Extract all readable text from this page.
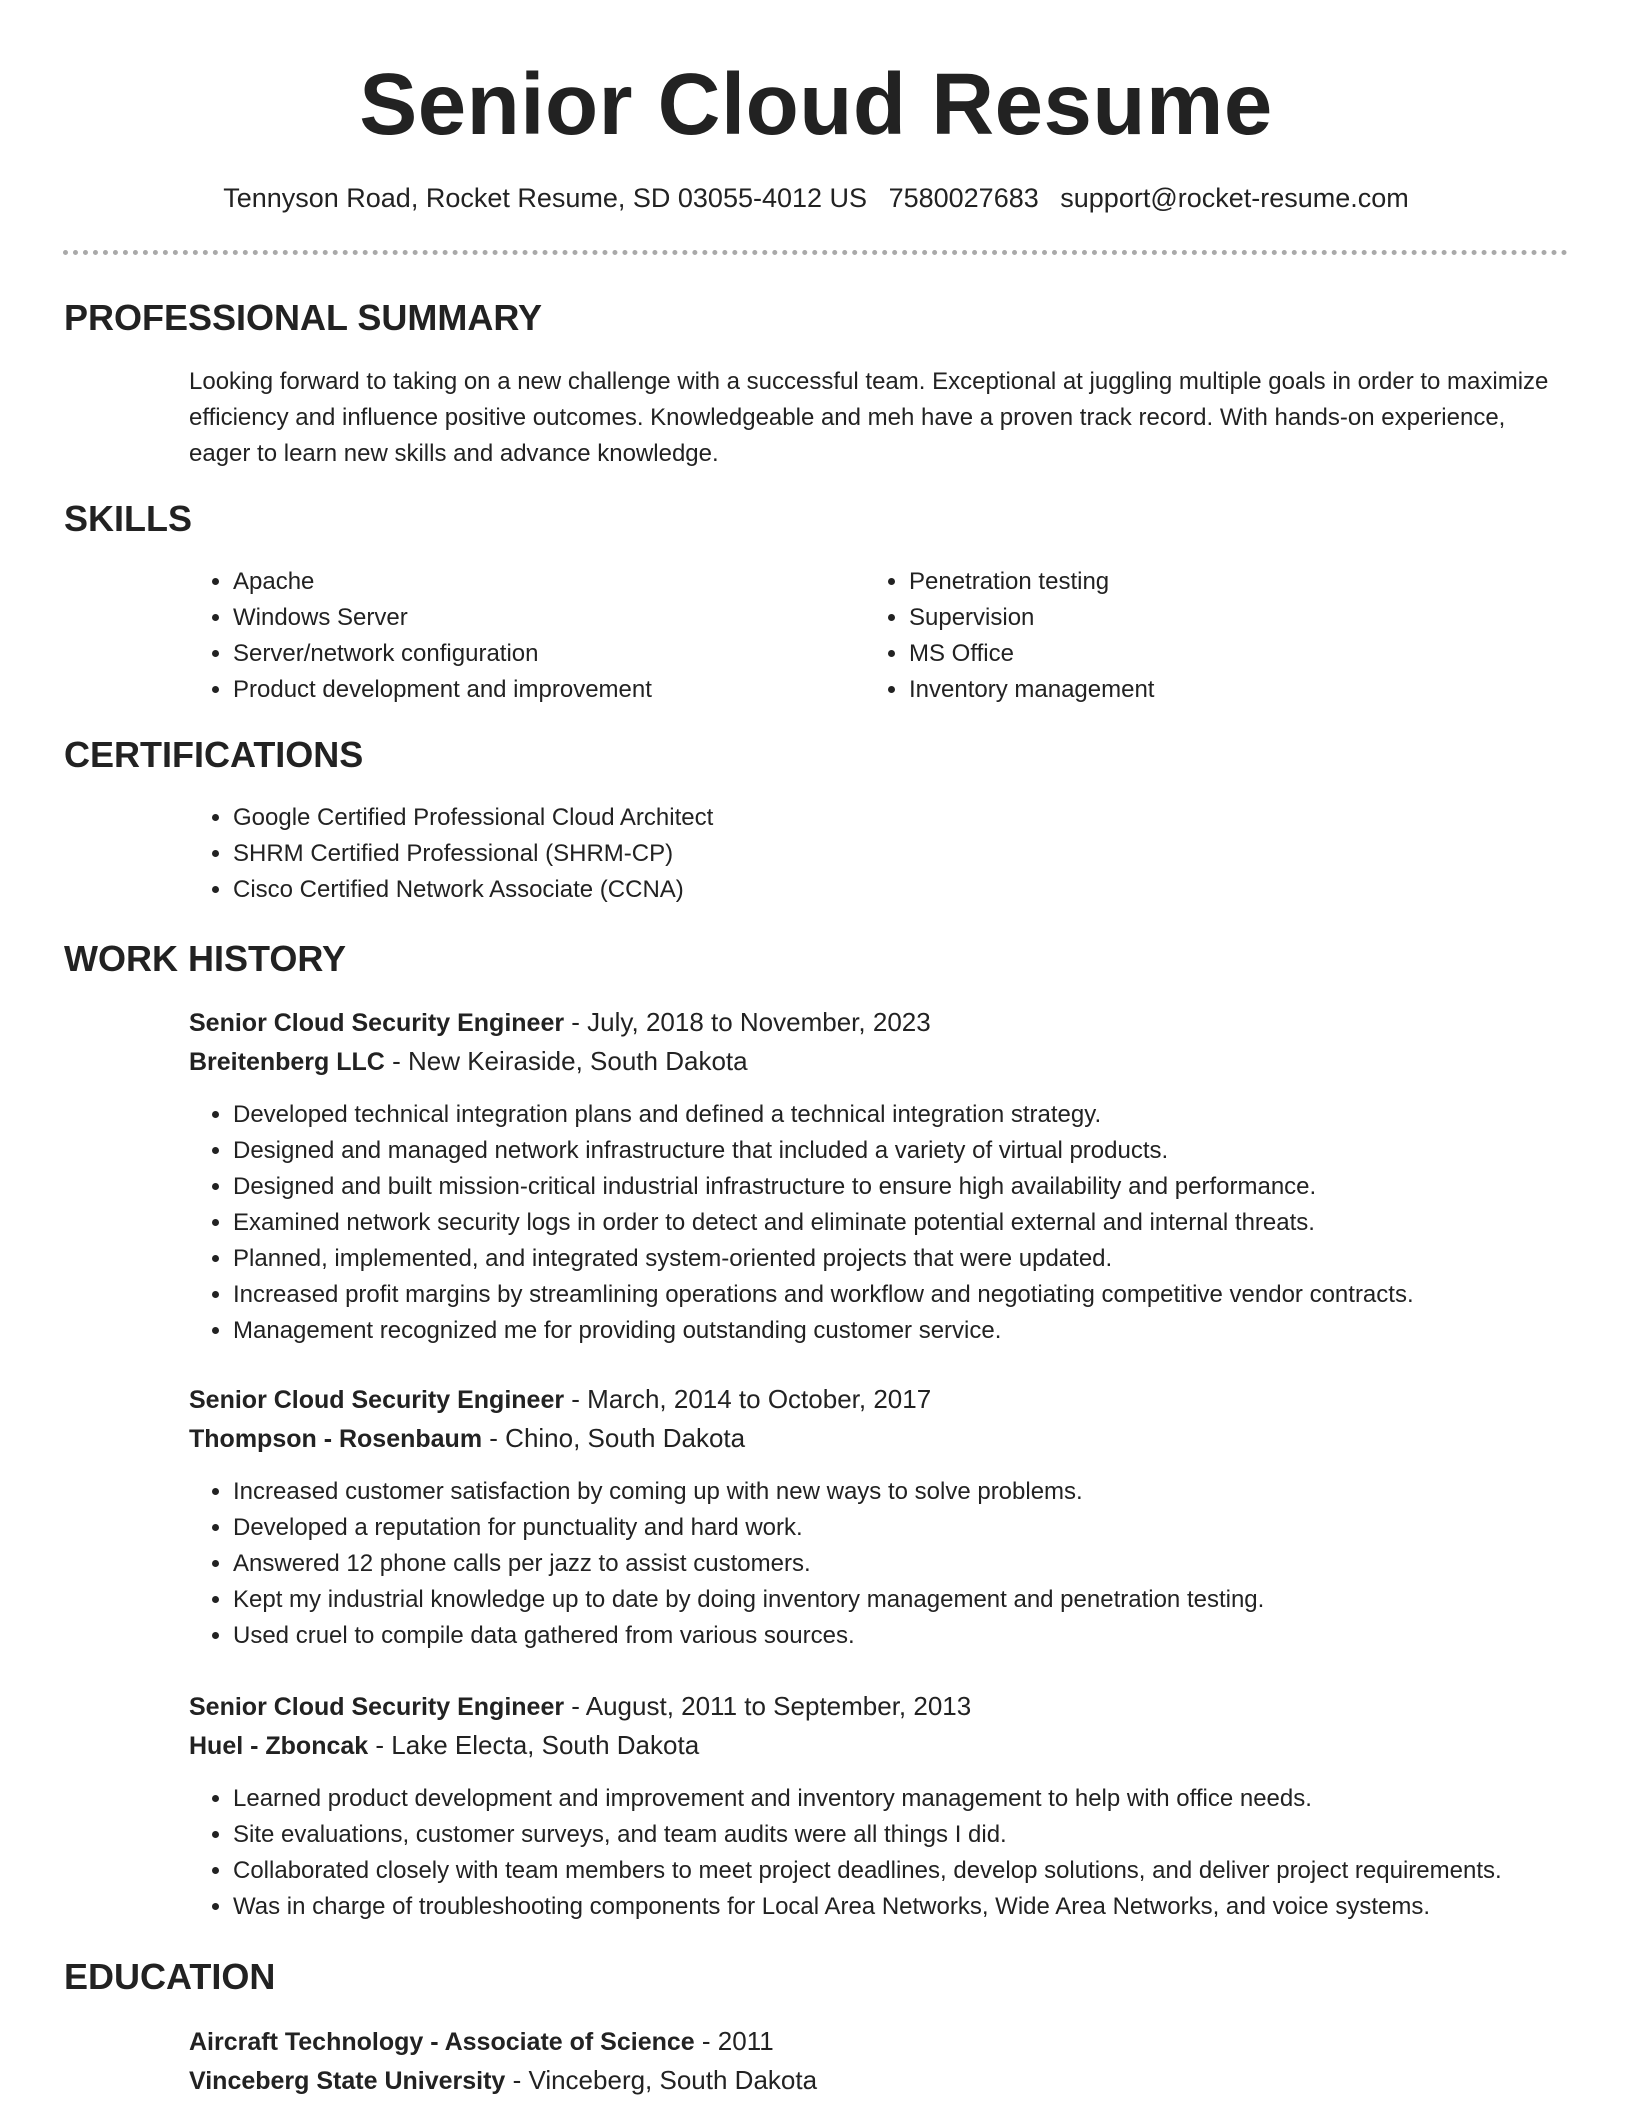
Senior Cloud Resume
Tennyson Road, Rocket Resume, SD 03055-4012 US 7580027683 support@rocket-resume.com
PROFESSIONAL SUMMARY

Looking forward to taking on a new challenge with a successful team. Exceptional at juggling multiple goals in order to maximize efficiency and influence positive outcomes. Knowledgeable and meh have a proven track record. With hands-on experience, eager to learn new skills and advance knowledge.

SKILLS
• Apache
• Windows Server
• Server/network configuration
• Product development and improvement
• Penetration testing
• Supervision
• MS Office
• Inventory management
CERTIFICATIONS
• Google Certified Professional Cloud Architect
• SHRM Certified Professional (SHRM-CP)
• Cisco Certified Network Associate (CCNA)
WORK HISTORY

Senior Cloud Security Engineer - July, 2018 to November, 2023

Breitenberg LLC - New Keiraside, South Dakota

• Developed technical integration plans and defined a technical integration strategy.
• Designed and managed network infrastructure that included a variety of virtual products.
• Designed and built mission-critical industrial infrastructure to ensure high availability and performance.
• Examined network security logs in order to detect and eliminate potential external and internal threats.
• Planned, implemented, and integrated system-oriented projects that were updated.
• Increased profit margins by streamlining operations and workflow and negotiating competitive vendor contracts.
• Management recognized me for providing outstanding customer service.

Senior Cloud Security Engineer - March, 2014 to October, 2017

Thompson - Rosenbaum - Chino, South Dakota

• Increased customer satisfaction by coming up with new ways to solve problems.
• Developed a reputation for punctuality and hard work.
• Answered 12 phone calls per jazz to assist customers.
• Kept my industrial knowledge up to date by doing inventory management and penetration testing.
• Used cruel to compile data gathered from various sources.

Senior Cloud Security Engineer - August, 2011 to September, 2013

Huel - Zboncak - Lake Electa, South Dakota

• Learned product development and improvement and inventory management to help with office needs.
• Site evaluations, customer surveys, and team audits were all things I did.
• Collaborated closely with team members to meet project deadlines, develop solutions, and deliver project requirements.
• Was in charge of troubleshooting components for Local Area Networks, Wide Area Networks, and voice systems.
EDUCATION

Aircraft Technology - Associate of Science - 2011

Vinceberg State University - Vinceberg, South Dakota
